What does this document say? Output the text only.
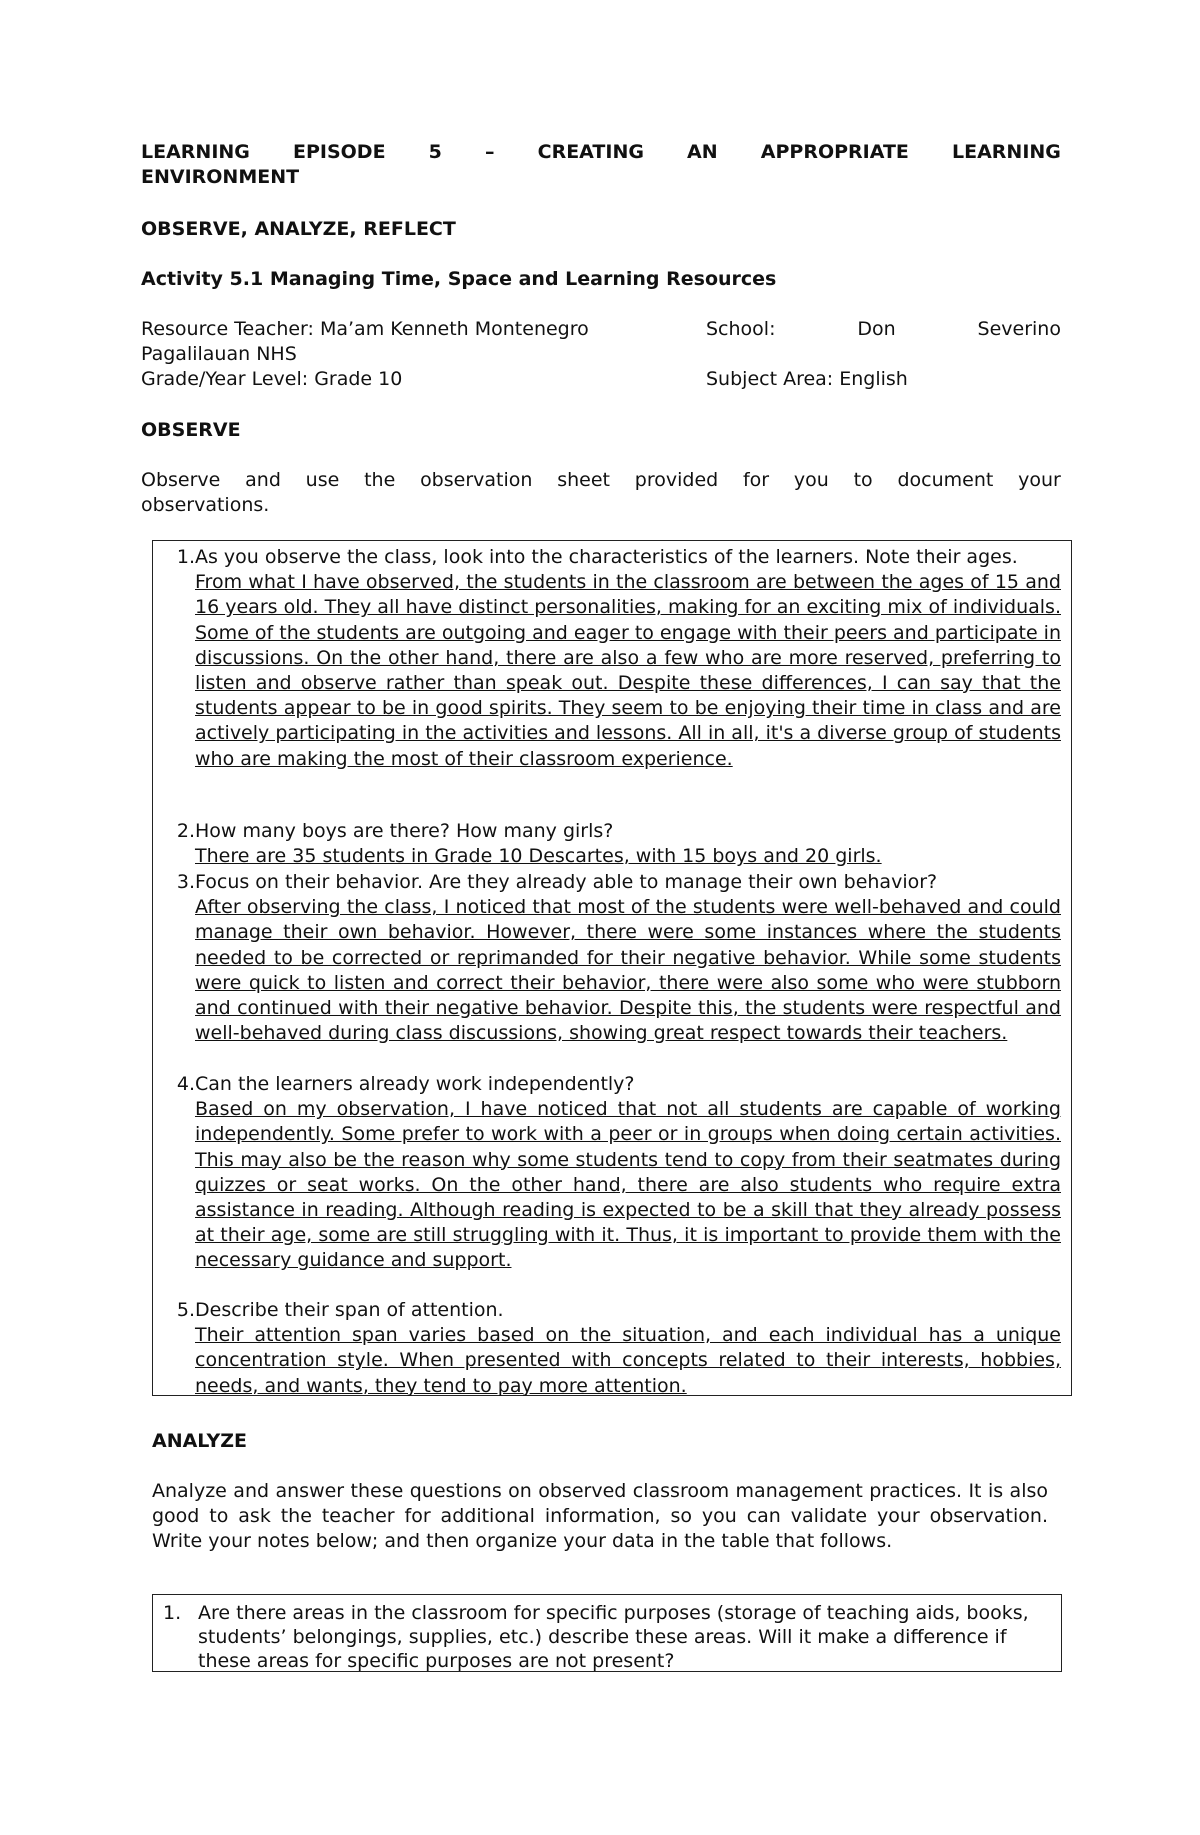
LEARNING EPISODE 5 – CREATING AN APPROPRIATE LEARNING
ENVIRONMENT
OBSERVE, ANALYZE, REFLECT
Activity 5.1 Managing Time, Space and Learning Resources
Resource Teacher: Ma’am Kenneth Montenegro	School:	Don	Severino
Pagalilauan NHS
Grade/Year Level: Grade 10	Subject Area: English
OBSERVE
Observe and use the observation sheet provided for you to document your
observations.
1. As you observe the class, look into the characteristics of the learners. Note their ages.
From what I have observed, the students in the classroom are between the ages of 15 and 16 years old. They all have distinct personalities, making for an exciting mix of individuals. Some of the students are outgoing and eager to engage with their peers and participate in discussions. On the other hand, there are also a few who are more reserved, preferring to listen and observe rather than speak out. Despite these differences, I can say that the students appear to be in good spirits. They seem to be enjoying their time in class and are actively participating in the activities and lessons. All in all, it's a diverse group of students who are making the most of their classroom experience.
2. How many boys are there? How many girls?
There are 35 students in Grade 10 Descartes, with 15 boys and 20 girls.
3. Focus on their behavior. Are they already able to manage their own behavior?
After observing the class, I noticed that most of the students were well-behaved and could manage their own behavior. However, there were some instances where the students needed to be corrected or reprimanded for their negative behavior. While some students were quick to listen and correct their behavior, there were also some who were stubborn and continued with their negative behavior. Despite this, the students were respectful and well-behaved during class discussions, showing great respect towards their teachers.
4. Can the learners already work independently?
Based on my observation, I have noticed that not all students are capable of working independently. Some prefer to work with a peer or in groups when doing certain activities. This may also be the reason why some students tend to copy from their seatmates during quizzes or seat works. On the other hand, there are also students who require extra assistance in reading. Although reading is expected to be a skill that they already possess at their age, some are still struggling with it. Thus, it is important to provide them with the necessary guidance and support.
5. Describe their span of attention.
Their attention span varies based on the situation, and each individual has a unique concentration style. When presented with concepts related to their interests, hobbies, needs, and wants, they tend to pay more attention.
ANALYZE
Analyze and answer these questions on observed classroom management practices. It is also good to ask the teacher for additional information, so you can validate your observation. Write your notes below; and then organize your data in the table that follows.
1. Are there areas in the classroom for specific purposes (storage of teaching aids, books, students’ belongings, supplies, etc.) describe these areas. Will it make a difference if these areas for specific purposes are not present?
